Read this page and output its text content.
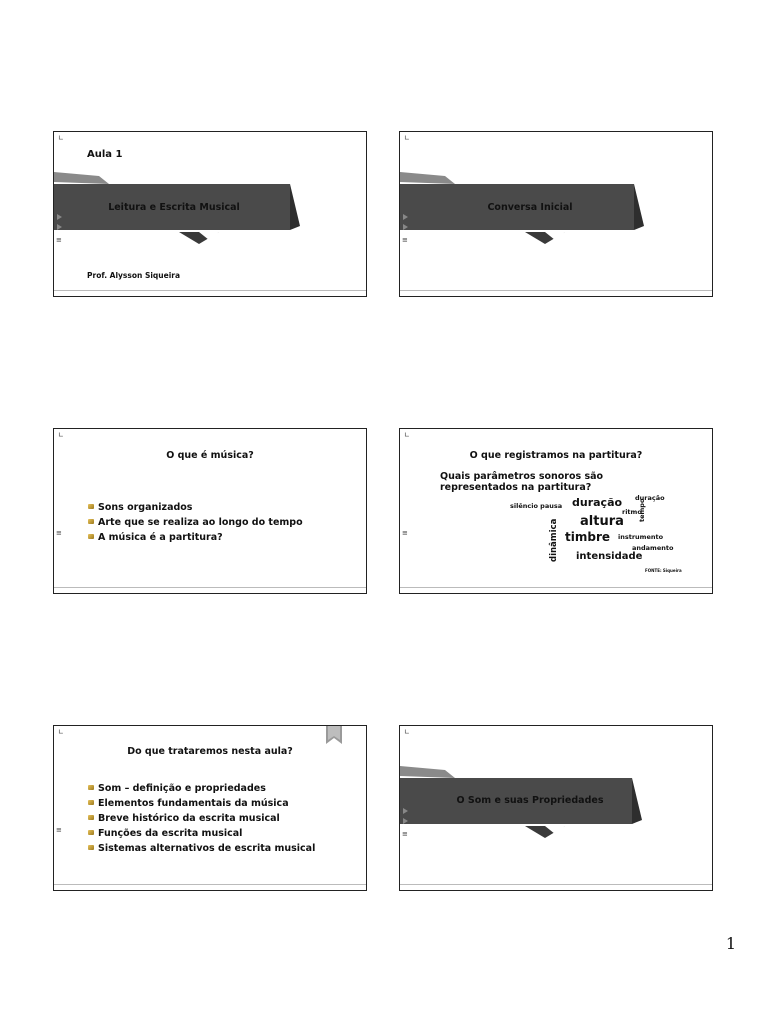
∟
≡
Leitura e Escrita Musical
Aula 1
Prof. Alysson Siqueira
∟
≡
Conversa Inicial
∟
≡
O que é música?
Sons organizados
Arte que se realiza ao longo do tempo
A música é a partitura?
∟
≡
O que registramos na partitura?
Quais parâmetros sonoros são
representados na partitura?
silêncio pausa duração duração
ritmo
altura tempo
dinâmica timbre instrumento
andamento
intensidade
FONTE: Siqueira
∟
≡
Do que trataremos nesta aula?
Som – definição e propriedades
Elementos fundamentais da música
Breve histórico da escrita musical
Funções da escrita musical
Sistemas alternativos de escrita musical
∟
≡
O Som e suas Propriedades
1
